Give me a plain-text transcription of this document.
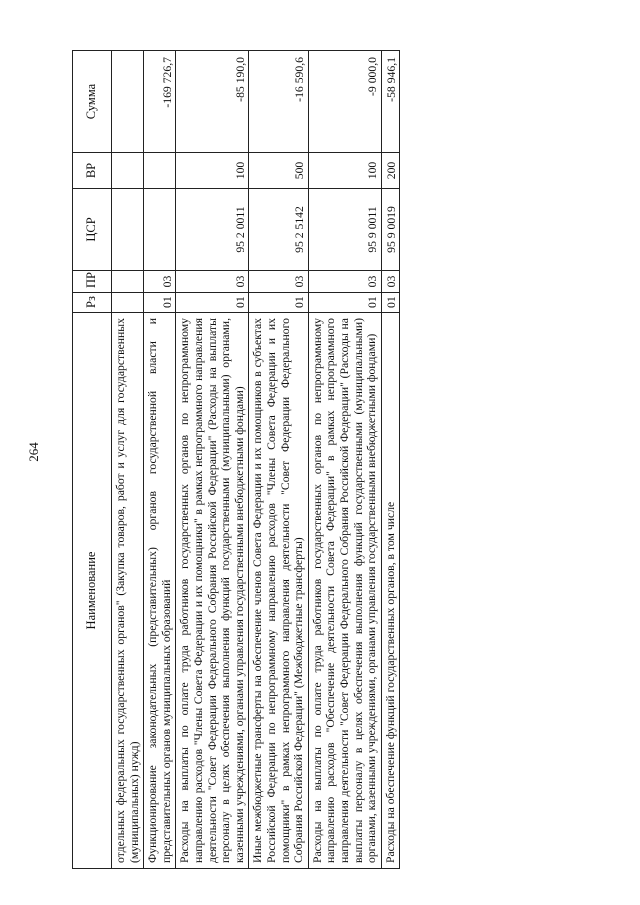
264
Наименование	Рз	ПР	ЦСР	ВР	Сумма
отдельных федеральных государственных органов" (Закупка товаров, работ и услуг для государственных (муниципальных) нужд)					
Функционирование законодательных (представительных) органов государственной власти и представительных органов муниципальных образований	01	03			-169 726,7
Расходы на выплаты по оплате труда работников государственных органов по непрограммному направлению расходов "Члены Совета Федерации и их помощники" в рамках непрограммного направления деятельности "Совет Федерации Федерального Собрания Российской Федерации" (Расходы на выплаты персоналу в целях обеспечения выполнения функций государственными (муниципальными) органами, казенными учреждениями, органами управления государственными внебюджетными фондами)	01	03	95 2 0011	100	-85 190,0
Иные межбюджетные трансферты на обеспечение членов Совета Федерации и их помощников в субъектах Российской Федерации по непрограммному направлению расходов "Члены Совета Федерации и их помощники" в рамках непрограммного направления деятельности "Совет Федерации Федерального Собрания Российской Федерации" (Межбюджетные трансферты)	01	03	95 2 5142	500	-16 590,6
Расходы на выплаты по оплате труда работников государственных органов по непрограммному направлению расходов "Обеспечение деятельности Совета Федерации" в рамках непрограммного направления деятельности "Совет Федерации Федерального Собрания Российской Федерации" (Расходы на выплаты персоналу в целях обеспечения выполнения функций государственными (муниципальными) органами, казенными учреждениями, органами управления государственными внебюджетными фондами)	01	03	95 9 0011	100	-9 000,0
Расходы на обеспечение функций государственных органов, в том числе	01	03	95 9 0019	200	-58 946,1
